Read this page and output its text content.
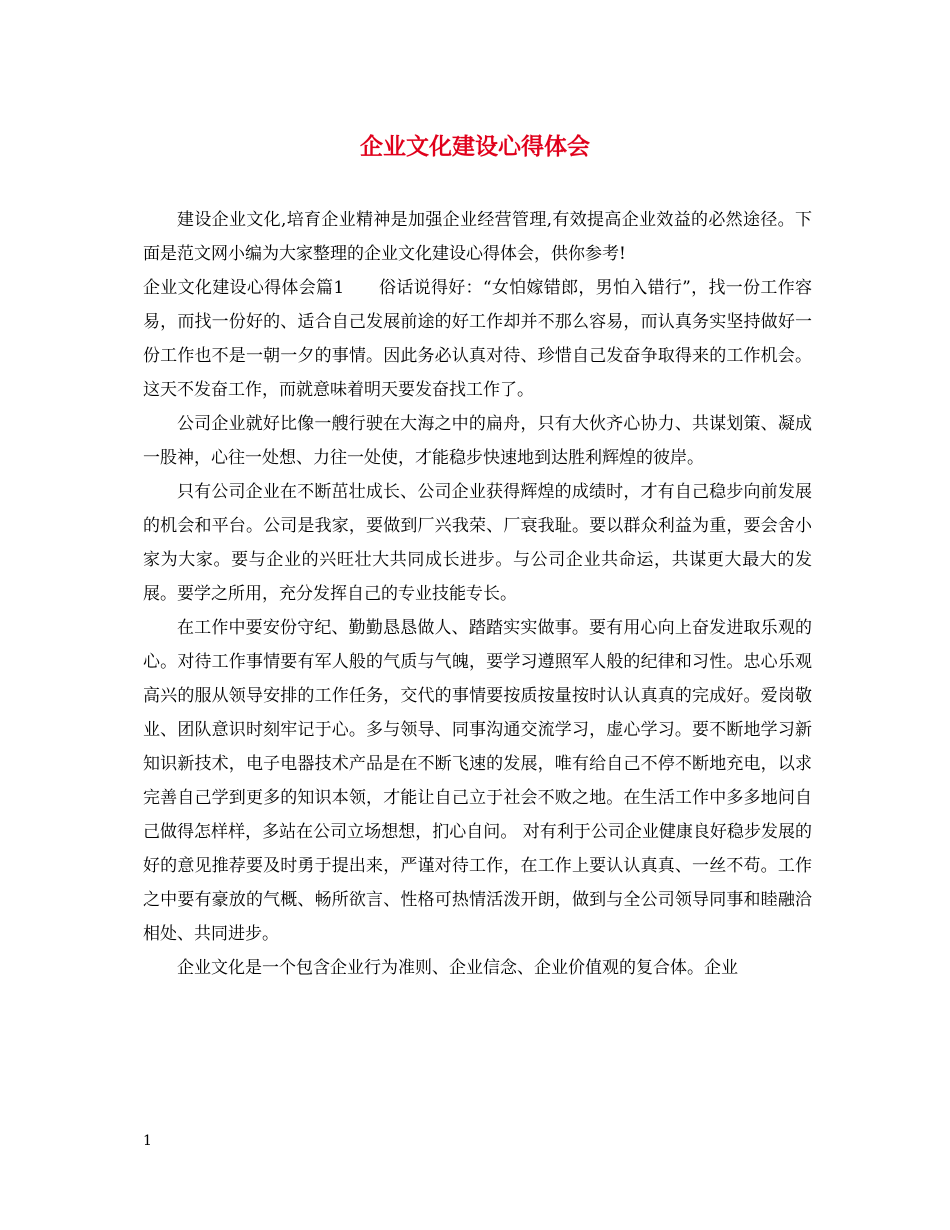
企业文化建设心得体会

建设企业文化,培育企业精神是加强企业经营管理,有效提高企业效益的必然途径。下面是范文网小编为大家整理的企业文化建设心得体会，供你参考!

企业文化建设心得体会篇1　　俗话说得好：“女怕嫁错郎，男怕入错行”，找一份工作容易，而找一份好的、适合自己发展前途的好工作却并不那么容易，而认真务实坚持做好一份工作也不是一朝一夕的事情。因此务必认真对待、珍惜自己发奋争取得来的工作机会。这天不发奋工作，而就意味着明天要发奋找工作了。

公司企业就好比像一艘行驶在大海之中的扁舟，只有大伙齐心协力、共谋划策、凝成一股神，心往一处想、力往一处使，才能稳步快速地到达胜利辉煌的彼岸。

只有公司企业在不断茁壮成长、公司企业获得辉煌的成绩时，才有自己稳步向前发展的机会和平台。公司是我家，要做到厂兴我荣、厂衰我耻。要以群众利益为重，要会舍小家为大家。要与企业的兴旺壮大共同成长进步。与公司企业共命运，共谋更大最大的发展。要学之所用，充分发挥自己的专业技能专长。

在工作中要安份守纪、勤勤恳恳做人、踏踏实实做事。要有用心向上奋发进取乐观的心。对待工作事情要有军人般的气质与气魄，要学习遵照军人般的纪律和习性。忠心乐观高兴的服从领导安排的工作任务，交代的事情要按质按量按时认认真真的完成好。爱岗敬业、团队意识时刻牢记于心。多与领导、同事沟通交流学习，虚心学习。要不断地学习新知识新技术，电子电器技术产品是在不断飞速的发展，唯有给自己不停不断地充电，以求完善自己学到更多的知识本领，才能让自己立于社会不败之地。在生活工作中多多地问自己做得怎样样，多站在公司立场想想，扪心自问。 对有利于公司企业健康良好稳步发展的好的意见推荐要及时勇于提出来，严谨对待工作，在工作上要认认真真、一丝不苟。工作之中要有豪放的气概、畅所欲言、性格可热情活泼开朗，做到与全公司领导同事和睦融洽相处、共同进步。

企业文化是一个包含企业行为准则、企业信念、企业价值观的复合体。企业

1
